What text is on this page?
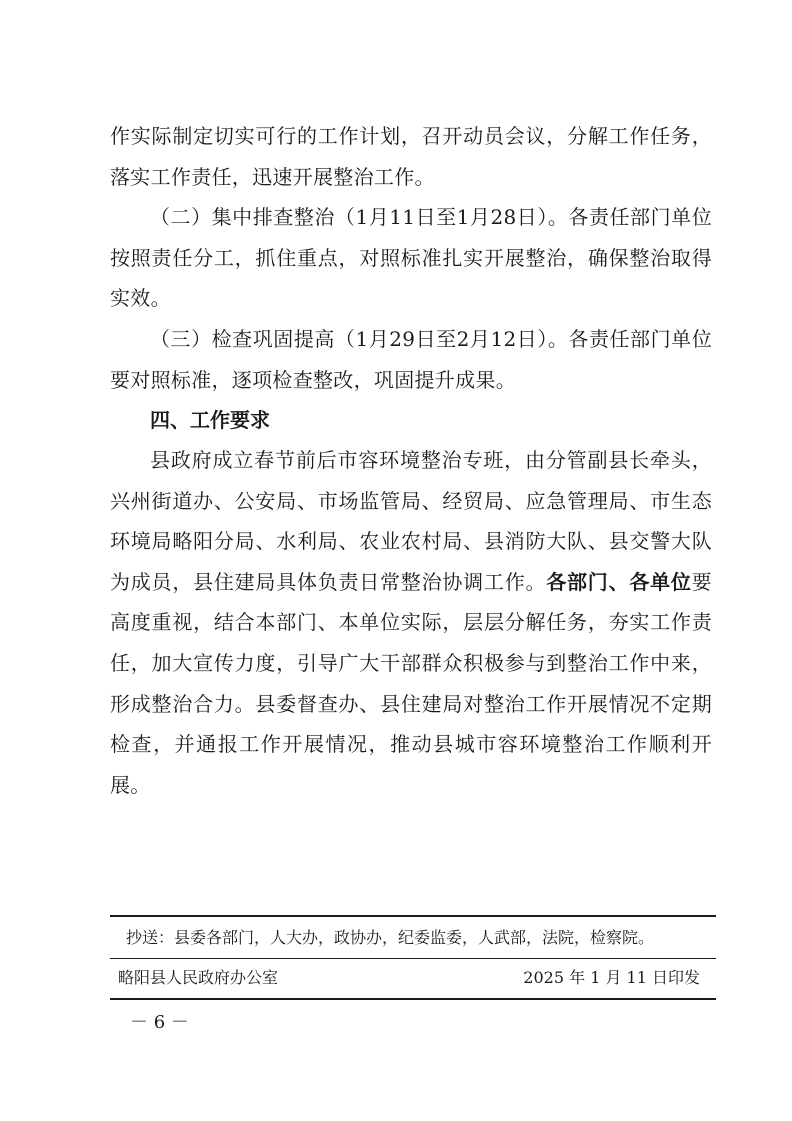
作实际制定切实可行的工作计划，召开动员会议，分解工作任务，落实工作责任，迅速开展整治工作。

（二）集中排查整治（1月11日至1月28日）。各责任部门单位按照责任分工，抓住重点，对照标准扎实开展整治，确保整治取得实效。

（三）检查巩固提高（1月29日至2月12日）。各责任部门单位要对照标准，逐项检查整改，巩固提升成果。

四、工作要求

县政府成立春节前后市容环境整治专班，由分管副县长牵头，兴州街道办、公安局、市场监管局、经贸局、应急管理局、市生态环境局略阳分局、水利局、农业农村局、县消防大队、县交警大队为成员，县住建局具体负责日常整治协调工作。各部门、各单位要高度重视，结合本部门、本单位实际，层层分解任务，夯实工作责任，加大宣传力度，引导广大干部群众积极参与到整治工作中来，形成整治合力。县委督查办、县住建局对整治工作开展情况不定期检查，并通报工作开展情况，推动县城市容环境整治工作顺利开展。

抄送：县委各部门，人大办，政协办，纪委监委，人武部，法院，检察院。
略阳县人民政府办公室	2025 年 1 月 11 日印发
－ 6 －
